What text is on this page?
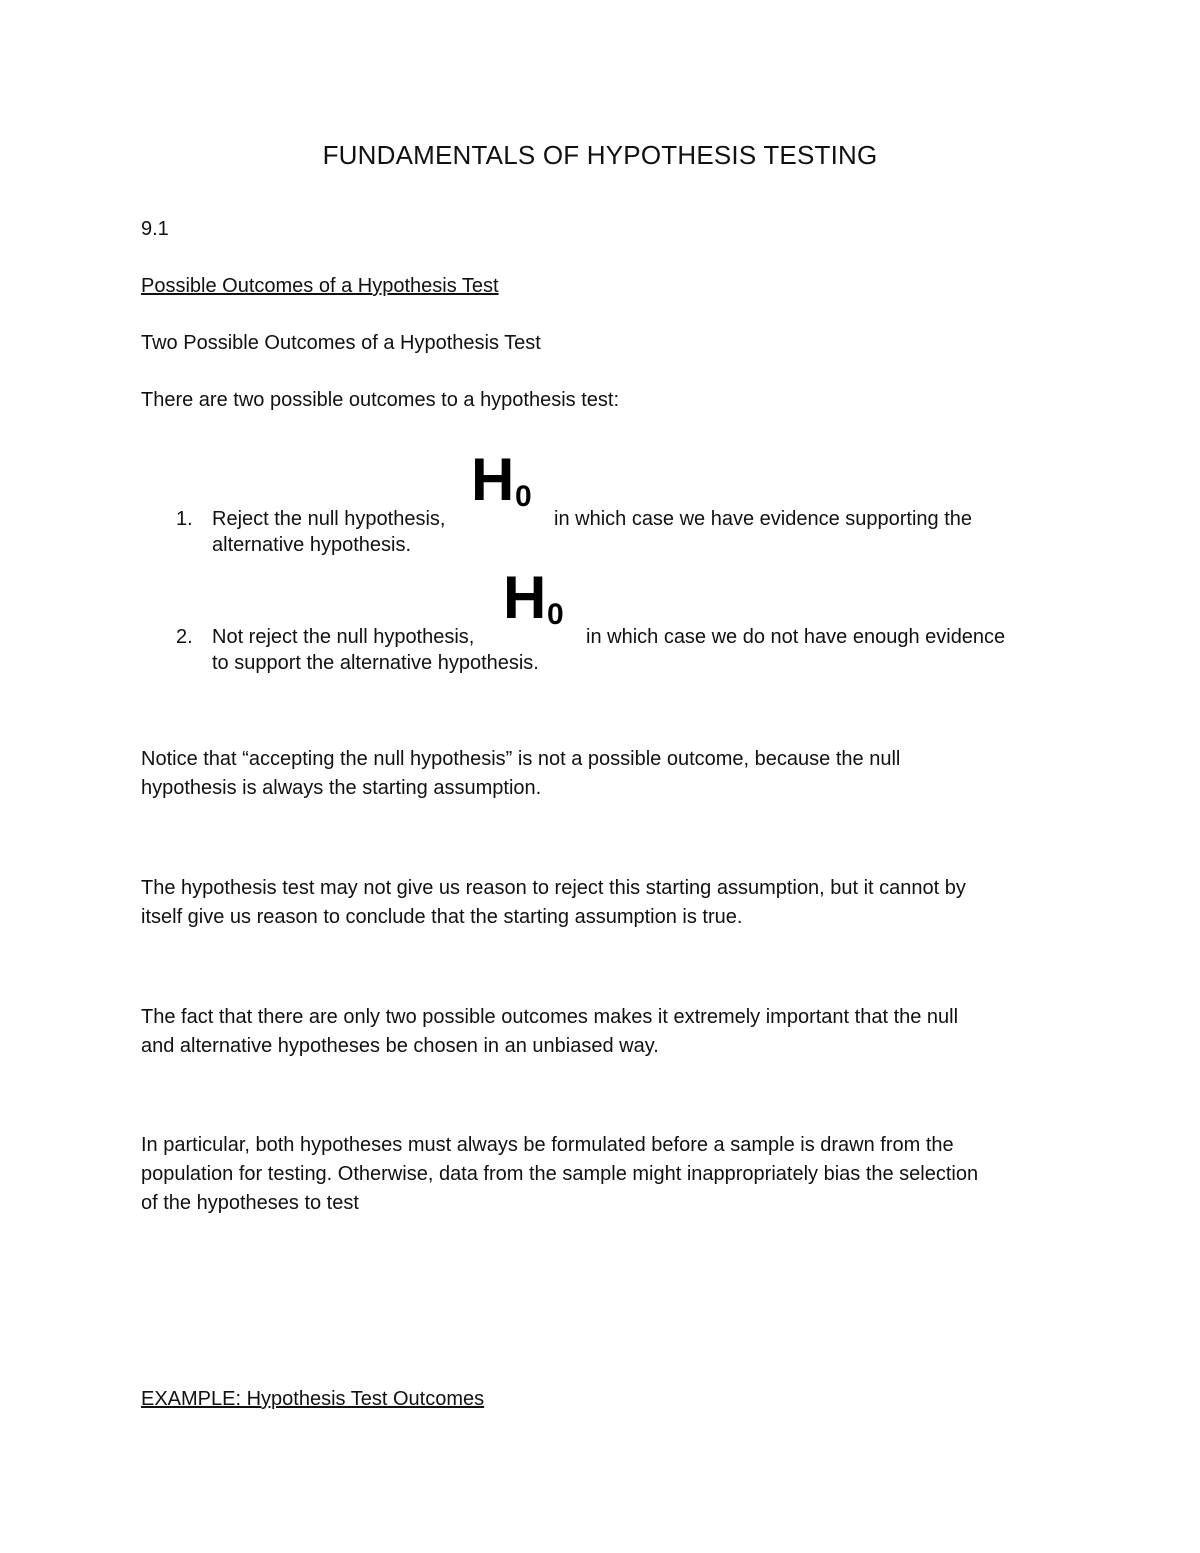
FUNDAMENTALS OF HYPOTHESIS TESTING
9.1
Possible Outcomes of a Hypothesis Test
Two Possible Outcomes of a Hypothesis Test
There are two possible outcomes to a hypothesis test:
1. Reject the null hypothesis,	in which case we have evidence supporting the
alternative hypothesis.
H 0
2. Not reject the null hypothesis,	in which case we do not have enough evidence
to support the alternative hypothesis.
H 0
Notice that “accepting the null hypothesis” is not a possible outcome, because the null
hypothesis is always the starting assumption.
The hypothesis test may not give us reason to reject this starting assumption, but it cannot by
itself give us reason to conclude that the starting assumption is true.
The fact that there are only two possible outcomes makes it extremely important that the null
and alternative hypotheses be chosen in an unbiased way.
In particular, both hypotheses must always be formulated before a sample is drawn from the
population for testing. Otherwise, data from the sample might inappropriately bias the selection
of the hypotheses to test
EXAMPLE: Hypothesis Test Outcomes
